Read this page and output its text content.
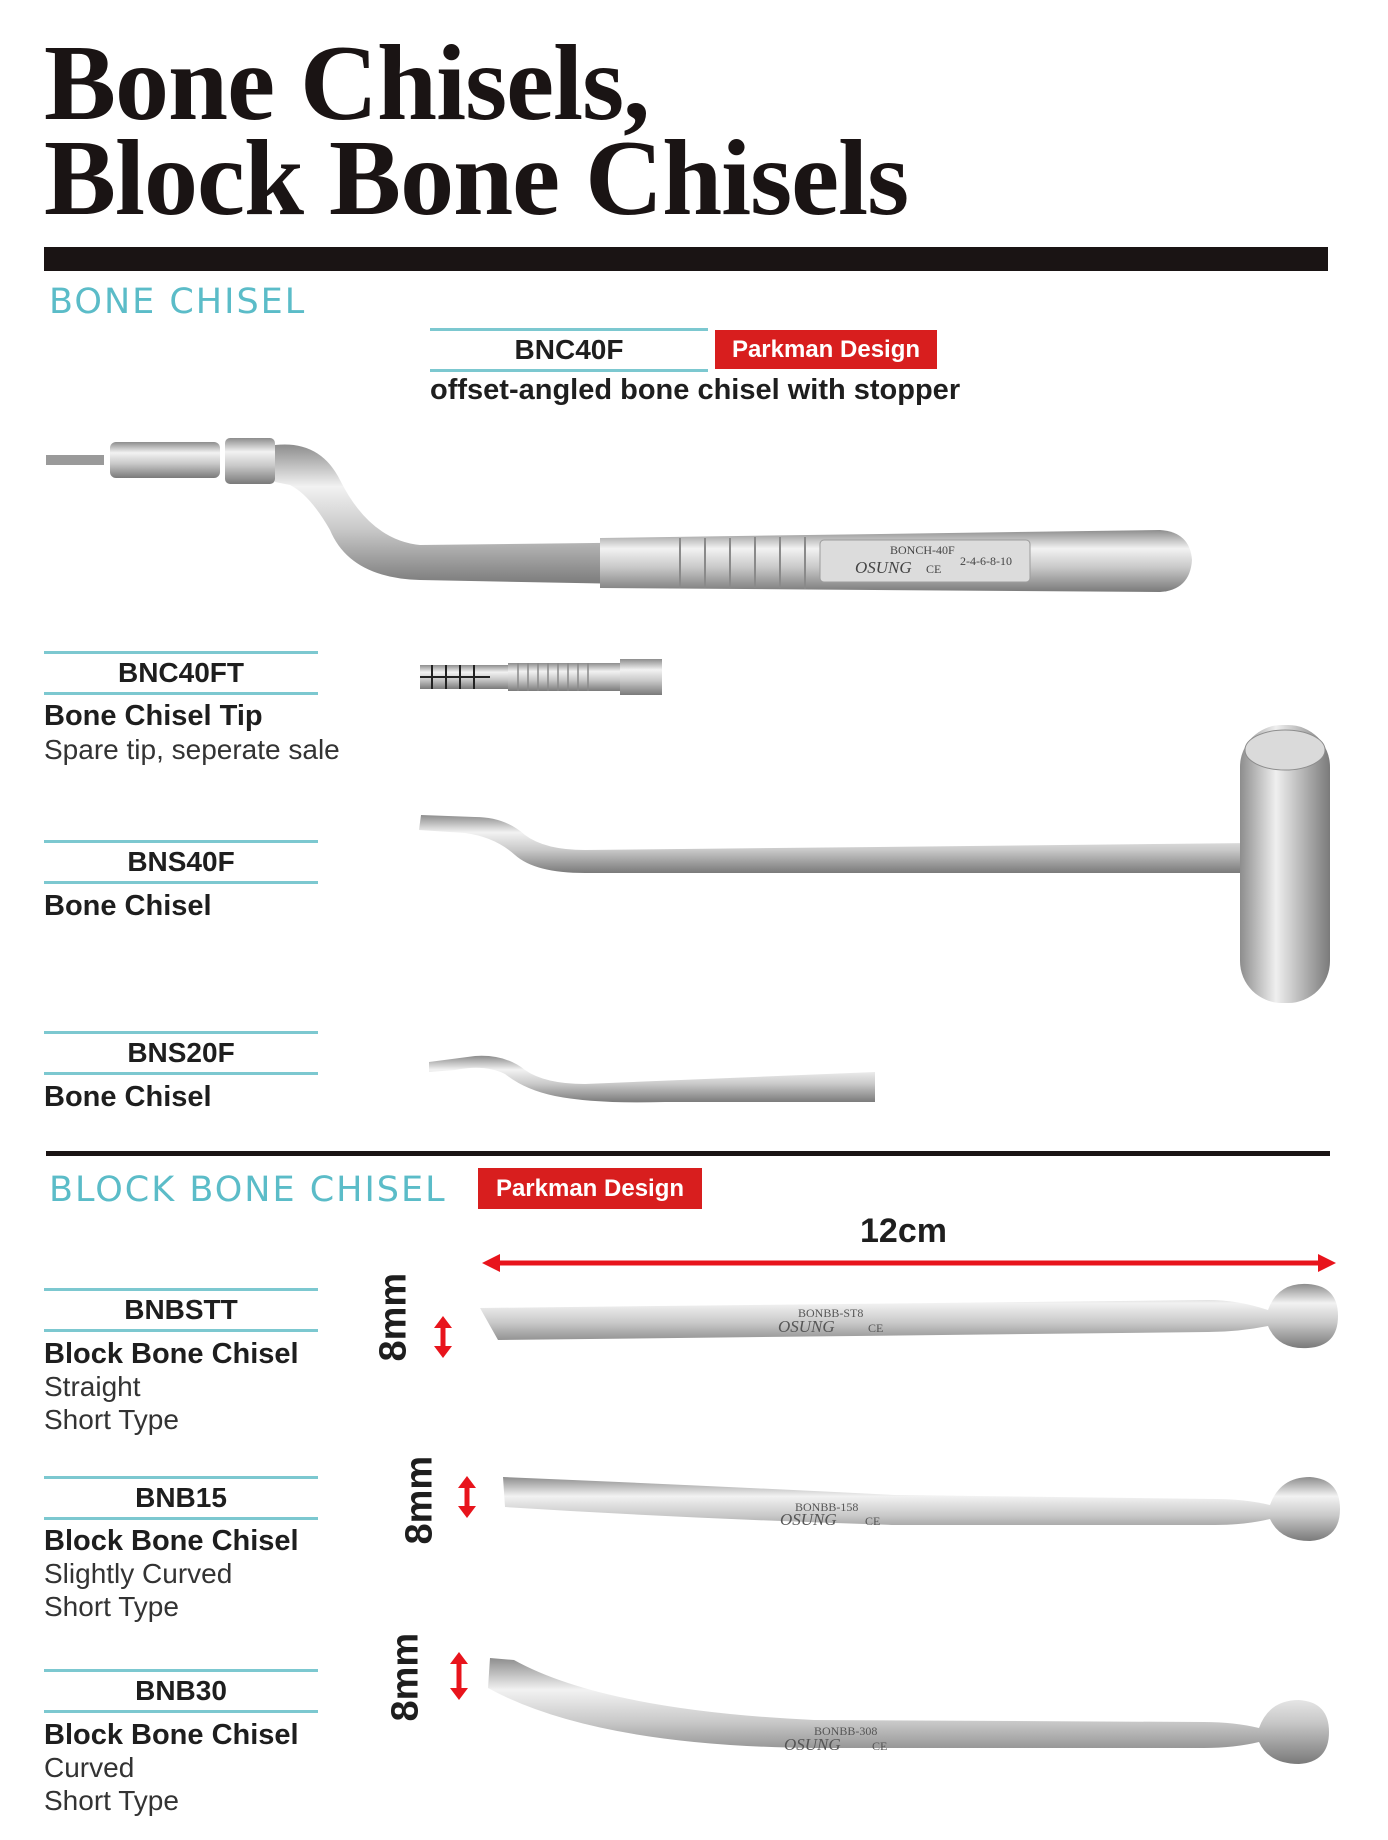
Bone Chisels,
Block Bone Chisels
BONE CHISEL
BNC40F	Parkman Design
offset-angled bone chisel with stopper
BONCH-40F
OSUNG CE
2-4-6-8-10
BNC40FT
Bone Chisel Tip
Spare tip, seperate sale
BNS40F
Bone Chisel
BNS20F
Bone Chisel
BLOCK BONE CHISEL	Parkman Design
12cm
BNBSTT
Block Bone Chisel
Straight
Short Type
8mm	BONBB-ST8
OSUNG	CE
BNB15
Block Bone Chisel
Slightly Curved
Short Type
8mm	BONBB-158
OSUNG CE
BNB30
Block Bone Chisel
Curved
Short Type
8mm
BONBB-308
OSUNG	CE
